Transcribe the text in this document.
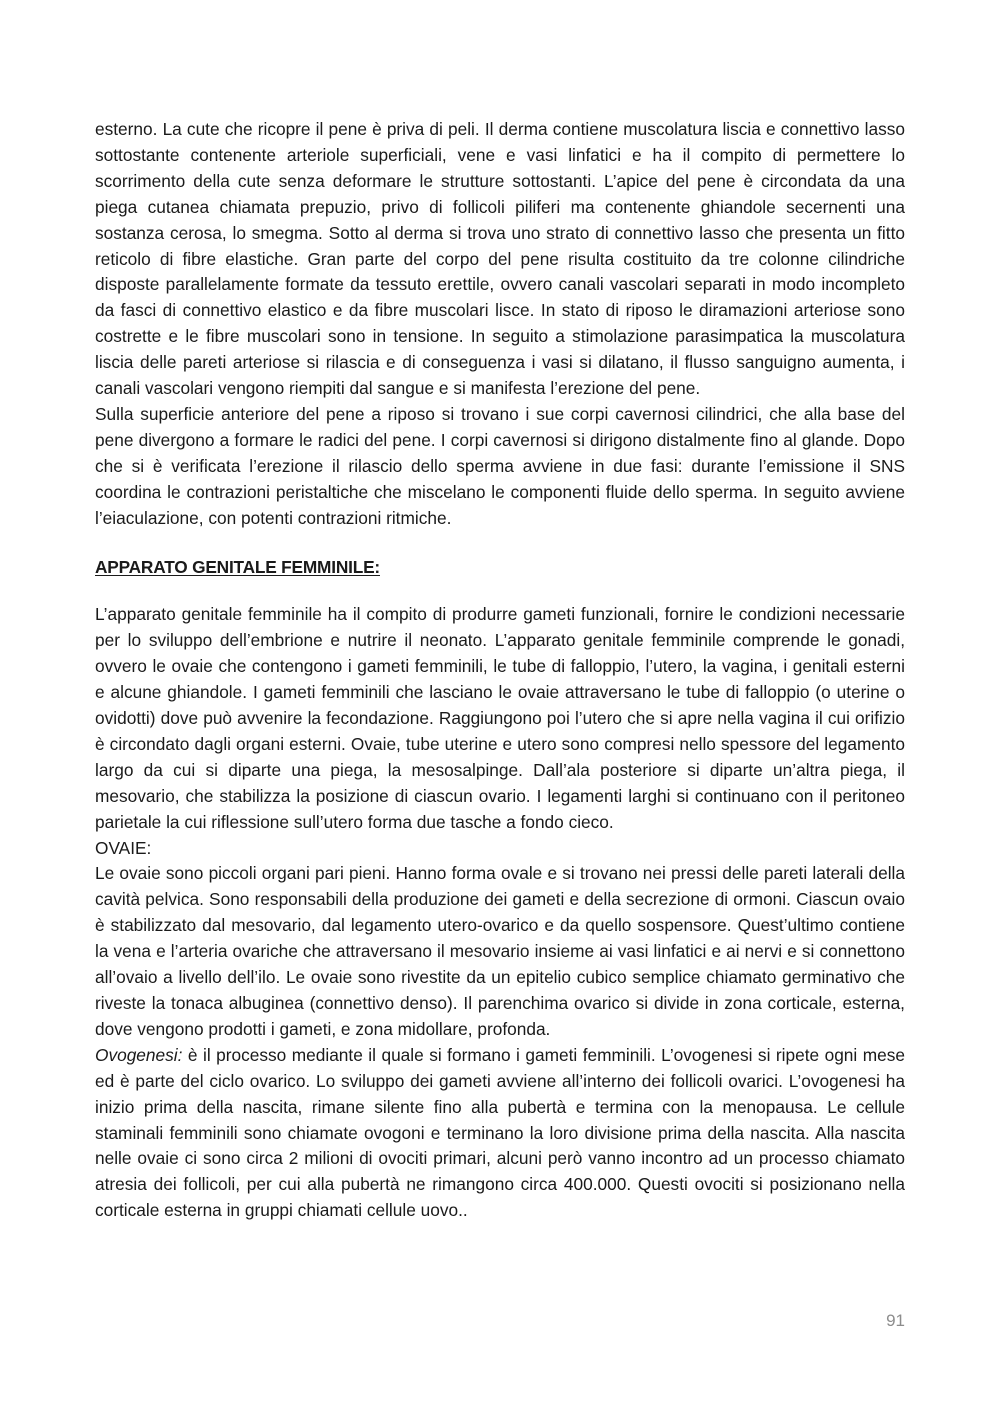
esterno. La cute che ricopre il pene è priva di peli. Il derma contiene muscolatura liscia e connettivo lasso sottostante contenente arteriole superficiali, vene e vasi linfatici e ha il compito di permettere lo scorrimento della cute senza deformare le strutture sottostanti. L’apice del pene è circondata da una piega cutanea chiamata prepuzio, privo di follicoli piliferi ma contenente ghiandole secernenti una sostanza cerosa, lo smegma. Sotto al derma si trova uno strato di connettivo lasso che presenta un fitto reticolo di fibre elastiche. Gran parte del corpo del pene risulta costituito da tre colonne cilindriche disposte parallelamente formate da tessuto erettile, ovvero canali vascolari separati in modo incompleto da fasci di connettivo elastico e da fibre muscolari lisce. In stato di riposo le diramazioni arteriose sono costrette e le fibre muscolari sono in tensione. In seguito a stimolazione parasimpatica la muscolatura liscia delle pareti arteriose si rilascia e di conseguenza i vasi si dilatano, il flusso sanguigno aumenta, i canali vascolari vengono riempiti dal sangue e si manifesta l’erezione del pene.

Sulla superficie anteriore del pene a riposo si trovano i sue corpi cavernosi cilindrici, che alla base del pene divergono a formare le radici del pene. I corpi cavernosi si dirigono distalmente fino al glande. Dopo che si è verificata l’erezione il rilascio dello sperma avviene in due fasi: durante l’emissione il SNS coordina le contrazioni peristaltiche che miscelano le componenti fluide dello sperma. In seguito avviene l’eiaculazione, con potenti contrazioni ritmiche.

APPARATO GENITALE FEMMINILE:

L’apparato genitale femminile ha il compito di produrre gameti funzionali, fornire le condizioni necessarie per lo sviluppo dell’embrione e nutrire il neonato. L’apparato genitale femminile comprende le gonadi, ovvero le ovaie che contengono i gameti femminili, le tube di falloppio, l’utero, la vagina, i genitali esterni e alcune ghiandole. I gameti femminili che lasciano le ovaie attraversano le tube di falloppio (o uterine o ovidotti) dove può avvenire la fecondazione. Raggiungono poi l’utero che si apre nella vagina il cui orifizio è circondato dagli organi esterni. Ovaie, tube uterine e utero sono compresi nello spessore del legamento largo da cui si diparte una piega, la mesosalpinge. Dall’ala posteriore si diparte un’altra piega, il mesovario, che stabilizza la posizione di ciascun ovario. I legamenti larghi si continuano con il peritoneo parietale la cui riflessione sull’utero forma due tasche a fondo cieco.

OVAIE:

Le ovaie sono piccoli organi pari pieni. Hanno forma ovale e si trovano nei pressi delle pareti laterali della cavità pelvica. Sono responsabili della produzione dei gameti e della secrezione di ormoni. Ciascun ovaio è stabilizzato dal mesovario, dal legamento utero-ovarico e da quello sospensore. Quest’ultimo contiene la vena e l’arteria ovariche che attraversano il mesovario insieme ai vasi linfatici e ai nervi e si connettono all’ovaio a livello dell’ilo. Le ovaie sono rivestite da un epitelio cubico semplice chiamato germinativo che riveste la tonaca albuginea (connettivo denso). Il parenchima ovarico si divide in zona corticale, esterna, dove vengono prodotti i gameti, e zona midollare, profonda.

Ovogenesi: è il processo mediante il quale si formano i gameti femminili. L’ovogenesi si ripete ogni mese ed è parte del ciclo ovarico. Lo sviluppo dei gameti avviene all’interno dei follicoli ovarici. L’ovogenesi ha inizio prima della nascita, rimane silente fino alla pubertà e termina con la menopausa. Le cellule staminali femminili sono chiamate ovogoni e terminano la loro divisione prima della nascita. Alla nascita nelle ovaie ci sono circa 2 milioni di ovociti primari, alcuni però vanno incontro ad un processo chiamato atresia dei follicoli, per cui alla pubertà ne rimangono circa 400.000. Questi ovociti si posizionano nella corticale esterna in gruppi chiamati cellule uovo..

91
